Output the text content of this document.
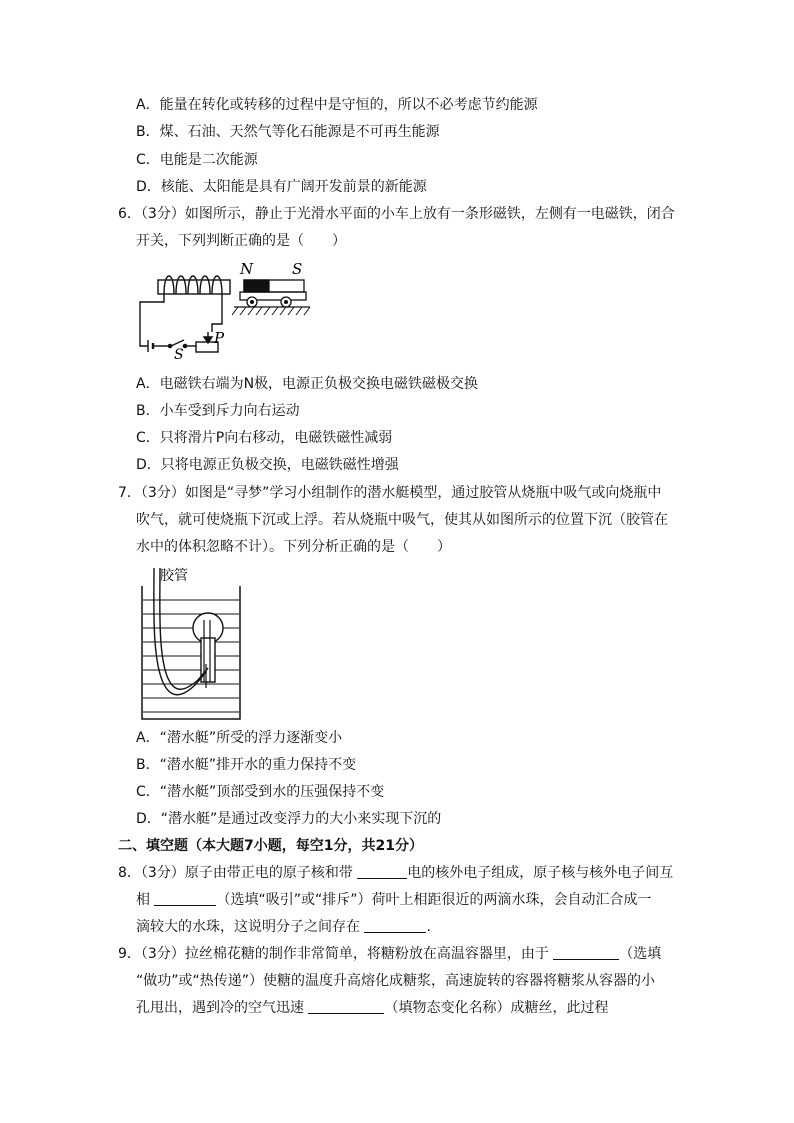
A．能量在转化或转移的过程中是守恒的，所以不必考虑节约能源
B．煤、石油、天然气等化石能源是不可再生能源
C．电能是二次能源
D．核能、太阳能是具有广阔开发前景的新能源
6．（3分）如图所示，静止于光滑水平面的小车上放有一条形磁铁，左侧有一电磁铁，闭合
开关，下列判断正确的是（　　）
P
S
N	S
A．电磁铁右端为N极，电源正负极交换电磁铁磁极交换
B．小车受到斥力向右运动
C．只将滑片P向右移动，电磁铁磁性减弱
D．只将电源正负极交换，电磁铁磁性增强
7．（3分）如图是“寻梦”学习小组制作的潜水艇模型，通过胶管从烧瓶中吸气或向烧瓶中
吹气，就可使烧瓶下沉或上浮。若从烧瓶中吸气，使其从如图所示的位置下沉（胶管在
水中的体积忽略不计）。下列分析正确的是（　　）
胶管
A．“潜水艇”所受的浮力逐渐变小
B．“潜水艇”排开水的重力保持不变
C．“潜水艇”顶部受到水的压强保持不变
D．“潜水艇”是通过改变浮力的大小来实现下沉的
二、填空题（本大题7小题，每空1分，共21分）
8．（3分）原子由带正电的原子核和带	电的核外电子组成，原子核与核外电子间互
相	（选填“吸引”或“排斥”）荷叶上相距很近的两滴水珠，会自动汇合成一
滴较大的水珠，这说明分子之间存在	.
9．（3分）拉丝棉花糖的制作非常简单，将糖粉放在高温容器里，由于	（选填
“做功”或“热传递”）使糖的温度升高熔化成糖浆，高速旋转的容器将糖浆从容器的小
孔甩出，遇到冷的空气迅速	（填物态变化名称）成糖丝，此过程
